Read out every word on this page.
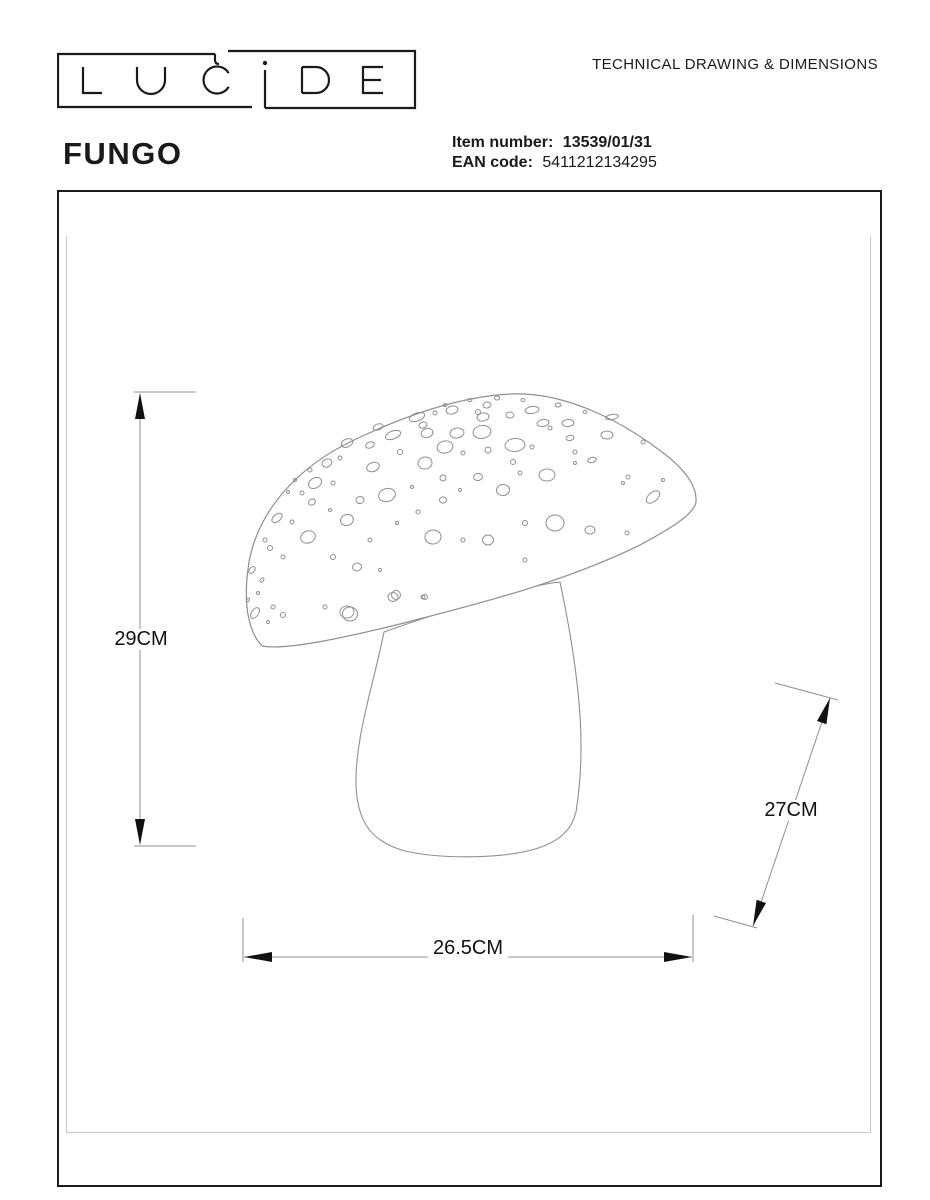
TECHNICAL DRAWING & DIMENSIONS
FUNGO	Item number: 13539/01/31
EAN code: 5411212134295
29CM
27CM
26.5CM
